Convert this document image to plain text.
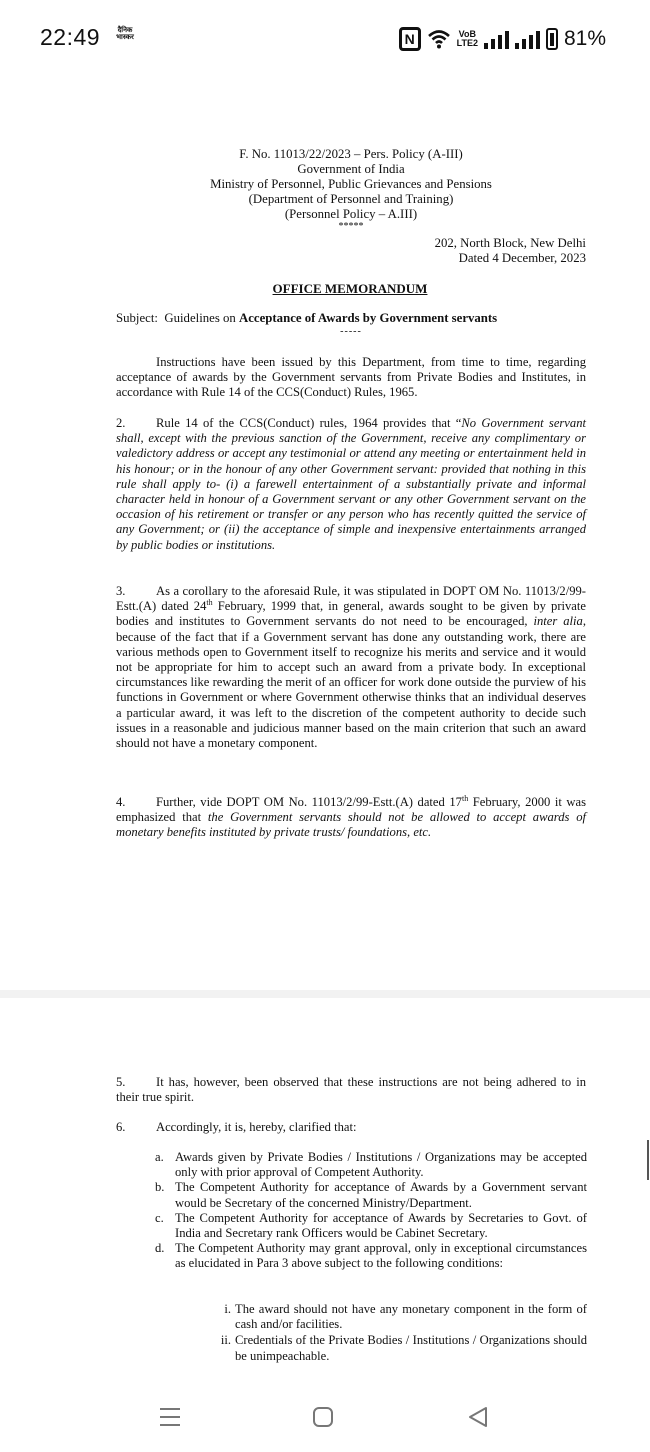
22:49	दैनिक भास्कर	N	VoB
LTE2	81%
F. No. 11013/22/2023 – Pers. Policy (A-III)
Government of India
Ministry of Personnel, Public Grievances and Pensions
(Department of Personnel and Training)
(Personnel Policy – A.III)
*****
202, North Block, New Delhi
Dated 4 December, 2023
OFFICE MEMORANDUM
Subject: Guidelines on Acceptance of Awards by Government servants
-----
Instructions have been issued by this Department, from time to time, regarding acceptance of awards by the Government servants from Private Bodies and Institutes, in accordance with Rule 14 of the CCS(Conduct) Rules, 1965.
2. Rule 14 of the CCS(Conduct) rules, 1964 provides that “No Government servant shall, except with the previous sanction of the Government, receive any complimentary or valedictory address or accept any testimonial or attend any meeting or entertainment held in his honour; or in the honour of any other Government servant: provided that nothing in this rule shall apply to- (i) a farewell entertainment of a substantially private and informal character held in honour of a Government servant or any other Government servant on the occasion of his retirement or transfer or any person who has recently quitted the service of any Government; or (ii) the acceptance of simple and inexpensive entertainments arranged by public bodies or institutions.
3. As a corollary to the aforesaid Rule, it was stipulated in DOPT OM No. 11013/2/99-Estt.(A) dated 24th February, 1999 that, in general, awards sought to be given by private bodies and institutes to Government servants do not need to be encouraged, inter alia, because of the fact that if a Government servant has done any outstanding work, there are various methods open to Government itself to recognize his merits and service and it would not be appropriate for him to accept such an award from a private body. In exceptional circumstances like rewarding the merit of an officer for work done outside the purview of his functions in Government or where Government otherwise thinks that an individual deserves a particular award, it was left to the discretion of the competent authority to decide such issues in a reasonable and judicious manner based on the main criterion that such an award should not have a monetary component.
4. Further, vide DOPT OM No. 11013/2/99-Estt.(A) dated 17th February, 2000 it was emphasized that the Government servants should not be allowed to accept awards of monetary benefits instituted by private trusts/ foundations, etc.
5. It has, however, been observed that these instructions are not being adhered to in their true spirit.
6. Accordingly, it is, hereby, clarified that:
a. Awards given by Private Bodies / Institutions / Organizations may be accepted only with prior approval of Competent Authority.
b. The Competent Authority for acceptance of Awards by a Government servant would be Secretary of the concerned Ministry/Department.
c. The Competent Authority for acceptance of Awards by Secretaries to Govt. of India and Secretary rank Officers would be Cabinet Secretary.
d. The Competent Authority may grant approval, only in exceptional circumstances as elucidated in Para 3 above subject to the following conditions:
i. The award should not have any monetary component in the form of cash and/or facilities.
ii. Credentials of the Private Bodies / Institutions / Organizations should be unimpeachable.
